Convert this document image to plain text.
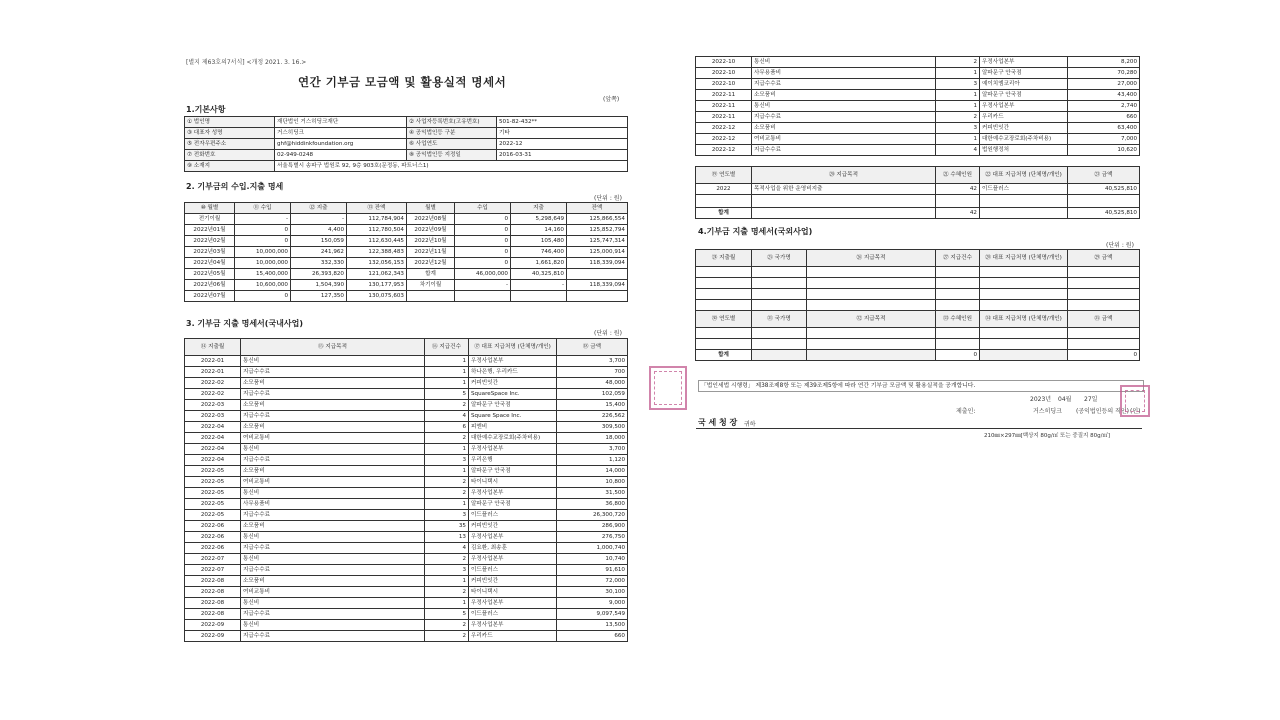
[별지 제63호의7서식] <개정 2021. 3. 16.>
연간 기부금 모금액 및 활용실적 명세서
(앞쪽)
1.기본사항
① 법인명	재단법인 거스히딩크재단	② 사업자등록번호(고유번호)	501-82-432**
③ 대표자 성명	거스히딩크	④ 공익법인등 구분	기타
⑤ 전자우편주소	ghf@hiddinkfoundation.org	⑥ 사업연도	2022-12
⑦ 전화번호	02-949-0248	⑧ 공익법인등 지정일	2016-03-31
⑨ 소재지	서울특별시 송파구 법원로 92, 9층 903호(문정동, 파트너스1)		
2. 기부금의 수입.지출 명세
(단위 : 원)
⑩ 월별	⑪ 수입	⑫ 지출	⑬ 잔액	월별	수입	지출	잔액
전기이월	-	-	112,784,904	2022년08월	0	5,298,649	125,866,554
2022년01월	0	4,400	112,780,504	2022년09월	0	14,160	125,852,794
2022년02월	0	150,059	112,630,445	2022년10월	0	105,480	125,747,314
2022년03월	10,000,000	241,962	122,388,483	2022년11월	0	746,400	125,000,914
2022년04월	10,000,000	332,330	132,056,153	2022년12월	0	1,661,820	118,339,094
2022년05월	15,400,000	26,393,820	121,062,343	합계	46,000,000	40,325,810	
2022년06월	10,600,000	1,504,390	130,177,953	차기이월	-	-	118,339,094
2022년07월	0	127,350	130,075,603				
3. 기부금 지출 명세서(국내사업)
(단위 : 원)
⑭ 지출월	⑮ 지급목적	⑯ 지급건수	⑰ 대표 지급처명 (단체명/개인)	⑱ 금액
2022-01	통신비	1	우정사업본부	3,700
2022-01	지급수수료	1	하나은행, 우리카드	700
2022-02	소모품비	1	커피빈잇간	48,000
2022-02	지급수수료	5	SquareSpace Inc.	102,059
2022-03	소모품비	2	알파문구 안국점	15,400
2022-03	지급수수료	4	Square Space Inc.	226,562
2022-04	소모품비	6	피엔비	309,500
2022-04	여비교통비	2	대한예수교장로회(주차비용)	18,000
2022-04	통신비	1	우정사업본부	3,700
2022-04	지급수수료	3	우리은행	1,120
2022-05	소모품비	1	알파문구 안국점	14,000
2022-05	여비교통비	2	타이니택시	10,800
2022-05	통신비	2	우정사업본부	31,500
2022-05	사무용품비	1	알파문구 안국점	36,800
2022-05	지급수수료	3	이드플러스	26,300,720
2022-06	소모품비	35	커피빈잇간	286,900
2022-06	통신비	13	우정사업본부	276,750
2022-06	지급수수료	4	김요환, 최송훈	1,000,740
2022-07	통신비	2	우정사업본부	10,740
2022-07	지급수수료	3	이드플러스	91,610
2022-08	소모품비	1	커피빈잇간	72,000
2022-08	여비교통비	2	타이니택시	30,100
2022-08	통신비	1	우정사업본부	9,000
2022-08	지급수수료	5	이드플러스	9,097,549
2022-09	통신비	2	우정사업본부	13,500
2022-09	지급수수료	2	우리카드	660
2022-10	통신비	2	우정사업본부	8,200
2022-10	사무용품비	1	알파문구 안국점	70,280
2022-10	지급수수료	3	예이치엠코리아	27,000
2022-11	소모품비	1	알파문구 안국점	43,400
2022-11	통신비	1	우정사업본부	2,740
2022-11	지급수수료	2	우리카드	660
2022-12	소모품비	3	커피빈잇간	63,400
2022-12	여비교통비	1	대한예수교장로회(주차비용)	7,000
2022-12	지급수수료	4	법원행정처	10,620
⑲ 연도별	⑳ 지급목적	㉑ 수혜인원	㉒ 대표 지급처명 (단체명/개인)	㉓ 금액
2022	목적사업을 위한 운영비지출	42	이드플러스	40,525,810

합계		42		40,525,810
4.기부금 지출 명세서(국외사업)
(단위 : 원)
㉔ 지출월	㉕ 국가명	㉖ 지급목적	㉗ 지급건수	㉘ 대표 지급처명 (단체명/개인)	㉙ 금액

㉚ 연도별	㉛ 국가명	㉜ 지급목적	㉝ 수혜인원	㉞ 대표 지급처명 (단체명/개인)	㉟ 금액

합계			0		0
「법인세법 시행령」 제38조제8항 또는 제39조제5항에 따라 연간 기부금 모금액 및 활용실적을 공개합니다.
2023년 04월 27일
제출인:	거스히딩크 (공익법인등의 직인) (인)
국 세 청 장 귀하
210㎜×297㎜[백상지 80g/㎡ 또는 중질지 80g/㎡]
